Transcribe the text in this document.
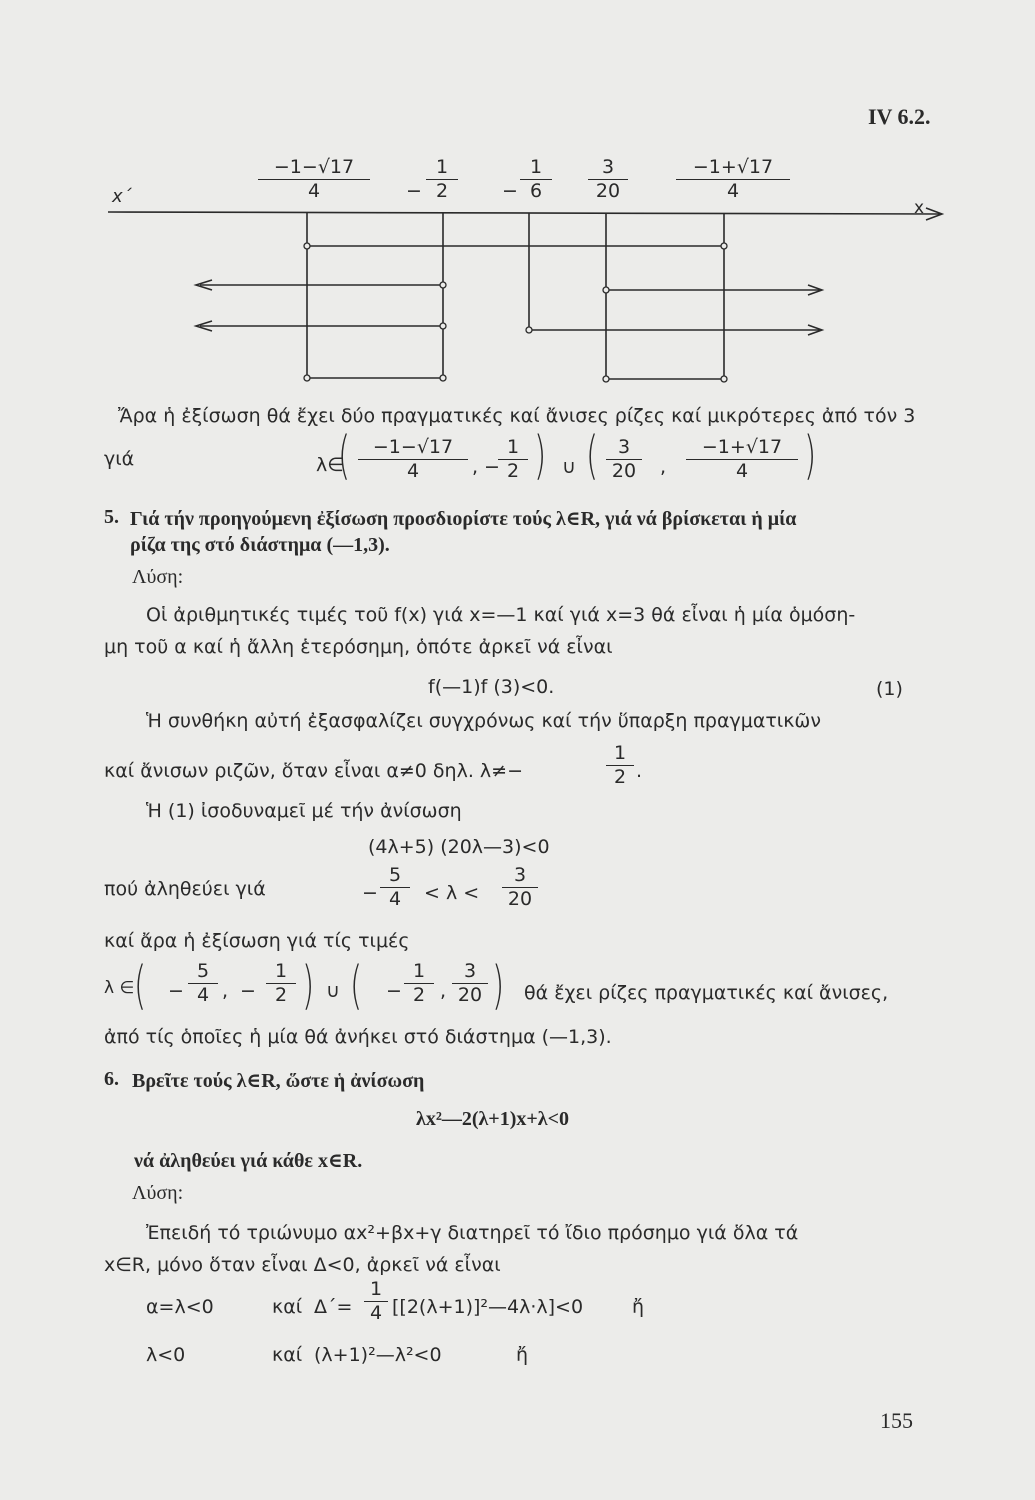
IV 6.2.
x΄
x
$\frac{-1-√17}{4} - \frac{1}{2} - \frac{1}{6} \frac{3}{20}$	$\frac{-1+√17}{4}$
Ἄρα ἡ ἐξίσωση θά ἔχει δύο πραγματικές καί ἄνισες ρίζες καί μικρότερες ἀπό τόν 3
γιά	λ∈
( $\frac{-1-√17}{4}$ , −
$\frac{1}{2}$ ) ∪ ( $\frac{3}{20}$ , $\frac{-1+√17}{4}$ )
5. Γιά τήν προηγούμενη ἐξίσωση προσδιορίστε τούς λ∈R, γιά νά βρίσκεται ἡ μία
ρίζα της στό διάστημα (—1,3).
Λύση:
Οἱ ἀριθμητικές τιμές τοῦ f(x) γιά x=—1 καί γιά x=3 θά εἶναι ἡ μία ὁμόση-
μη τοῦ α καί ἡ ἄλλη ἑτερόσημη, ὁπότε ἀρκεῖ νά εἶναι
f(—1)f (3)<0.	(1)
Ἡ συνθήκη αὐτή ἐξασφαλίζει συγχρόνως καί τήν ὕπαρξη πραγματικῶν
καί ἄνισων ριζῶν, ὅταν εἶναι α≠0 δηλ. λ≠−	$\frac{1}{2}$ .
Ἡ (1) ἰσοδυναμεῖ μέ τήν ἀνίσωση
(4λ+5) (20λ—3)<0
πού ἀληθεύει γιά	− $\frac{5}{4} < \lambda < \frac{3}{20}$
καί ἄρα ἡ ἐξίσωση γιά τίς τιμές
λ ∈ ( − $\frac{5}{4}$ , − $\frac{1}{2}$ ) ∪ ( − $\frac{1}{2}$ , $\frac{3}{20}$ ) θά ἔχει ρίζες πραγματικές καί ἄνισες,
ἀπό τίς ὁποῖες ἡ μία θά ἀνήκει στό διάστημα (—1,3).
6. Βρεῖτε τούς λ∈R, ὥστε ἡ ἀνίσωση
λx²—2(λ+1)x+λ<0
νά ἀληθεύει γιά κάθε x∈R.
Λύση:
Ἐπειδή τό τριώνυμο αx²+βx+γ διατηρεῖ τό ἴδιο πρόσημο γιά ὅλα τά
x∈R, μόνο ὅταν εἶναι Δ<0, ἀρκεῖ νά εἶναι
α=λ<0	καί $\Delta΄= \frac{1}{4}$ [[2(λ+1)]²—4λ·λ]<0	ἤ
λ<0	καί (λ+1)²—λ²<0	ἤ
155
